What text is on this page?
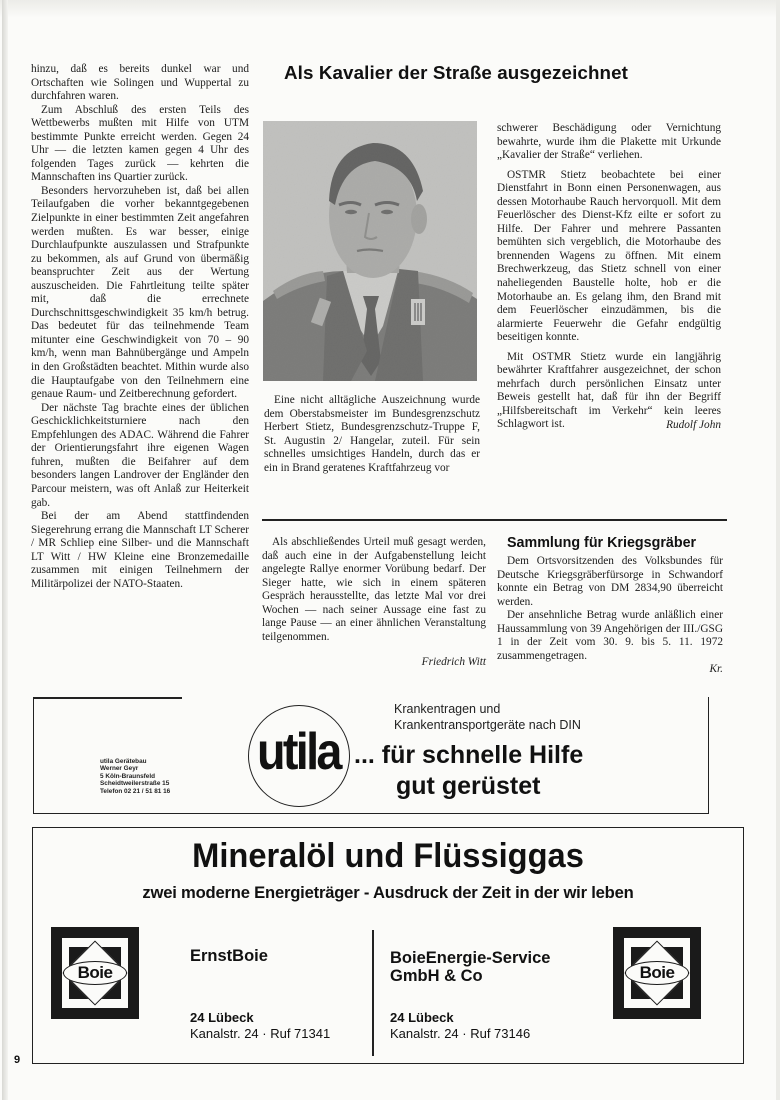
hinzu, daß es bereits dunkel war und Ortschaften wie Solingen und Wuppertal zu durchfahren waren.

Zum Abschluß des ersten Teils des Wettbewerbs mußten mit Hilfe von UTM bestimmte Punkte erreicht werden. Gegen 24 Uhr — die letzten kamen gegen 4 Uhr des folgenden Tages zurück — kehrten die Mannschaften ins Quartier zurück.

Besonders hervorzuheben ist, daß bei allen Teilaufgaben die vorher bekanntgegebenen Zielpunkte in einer bestimmten Zeit angefahren werden mußten. Es war besser, einige Durchlaufpunkte auszulassen und Strafpunkte zu bekommen, als auf Grund von übermäßig beanspruchter Zeit aus der Wertung auszuscheiden. Die Fahrtleitung teilte später mit, daß die errechnete Durchschnittsgeschwindigkeit 35 km/h betrug. Das bedeutet für das teilnehmende Team mitunter eine Geschwindigkeit von 70 – 90 km/h, wenn man Bahnübergänge und Ampeln in den Großstädten beachtet. Mithin wurde also die Hauptaufgabe von den Teilnehmern eine genaue Raum- und Zeitberechnung gefordert.

Der nächste Tag brachte eines der üblichen Geschicklichkeitsturniere nach den Empfehlungen des ADAC. Während die Fahrer der Orientierungsfahrt ihre eigenen Wagen fuhren, mußten die Beifahrer auf dem besonders langen Landrover der Engländer den Parcour meistern, was oft Anlaß zur Heiterkeit gab.

Bei der am Abend stattfindenden Siegerehrung errang die Mannschaft LT Scherer / MR Schliep eine Silber- und die Mannschaft LT Witt / HW Kleine eine Bronzemedaille zusammen mit einigen Teilnehmern der Militärpolizei der NATO-Staaten.

Als Kavalier der Straße ausgezeichnet

Eine nicht alltägliche Auszeichnung wurde dem Oberstabsmeister im Bundesgrenzschutz Herbert Stietz, Bundesgrenzschutz-Truppe F, St. Augustin 2/ Hangelar, zuteil. Für sein schnelles umsichtiges Handeln, durch das er ein in Brand geratenes Kraftfahrzeug vor

schwerer Beschädigung oder Vernichtung bewahrte, wurde ihm die Plakette mit Urkunde „Kavalier der Straße“ verliehen.

OSTMR Stietz beobachtete bei einer Dienstfahrt in Bonn einen Personenwagen, aus dessen Motorhaube Rauch hervorquoll. Mit dem Feuerlöscher des Dienst-Kfz eilte er sofort zu Hilfe. Der Fahrer und mehrere Passanten bemühten sich vergeblich, die Motorhaube des brennenden Wagens zu öffnen. Mit einem Brechwerkzeug, das Stietz schnell von einer naheliegenden Baustelle holte, hob er die Motorhaube an. Es gelang ihm, den Brand mit dem Feuerlöscher einzudämmen, bis die alarmierte Feuerwehr die Gefahr endgültig beseitigen konnte.

Mit OSTMR Stietz wurde ein langjährig bewährter Kraftfahrer ausgezeichnet, der schon mehrfach durch persönlichen Einsatz unter Beweis gestellt hat, daß für ihn der Begriff „Hilfsbereitschaft im Verkehr“ kein leeres Schlagwort ist.	Rudolf John

Als abschließendes Urteil muß gesagt werden, daß auch eine in der Aufgabenstellung leicht angelegte Rallye enormer Vorübung bedarf. Der Sieger hatte, wie sich in einem späteren Gespräch herausstellte, das letzte Mal vor drei Wochen — nach seiner Aussage eine fast zu lange Pause — an einer ähnlichen Veranstaltung teilgenommen.

Friedrich Witt

Sammlung für Kriegsgräber

Dem Ortsvorsitzenden des Volksbundes für Deutsche Kriegsgräberfürsorge in Schwandorf konnte ein Betrag von DM 2834,90 überreicht werden.

Der ansehnliche Betrag wurde anläßlich einer Haussammlung von 39 Angehörigen der III./GSG 1 in der Zeit vom 30. 9. bis 5. 11. 1972 zusammengetragen.

Kr.

utila Gerätebau
Werner Geyr
5 Köln-Braunsfeld
Scheidtweilerstraße 15
Telefon 02 21 / 51 81 16
utila
Krankentragen und
Krankentransportgeräte nach DIN
... für schnelle Hilfe
gut gerüstet
Mineralöl und Flüssiggas
zwei moderne Energieträger - Ausdruck der Zeit in der wir leben
Boie
ErnstBoie
24 Lübeck
Kanalstr. 24 · Ruf 71341
BoieEnergie-Service
GmbH & Co
24 Lübeck
Kanalstr. 24 · Ruf 73146
Boie
9
